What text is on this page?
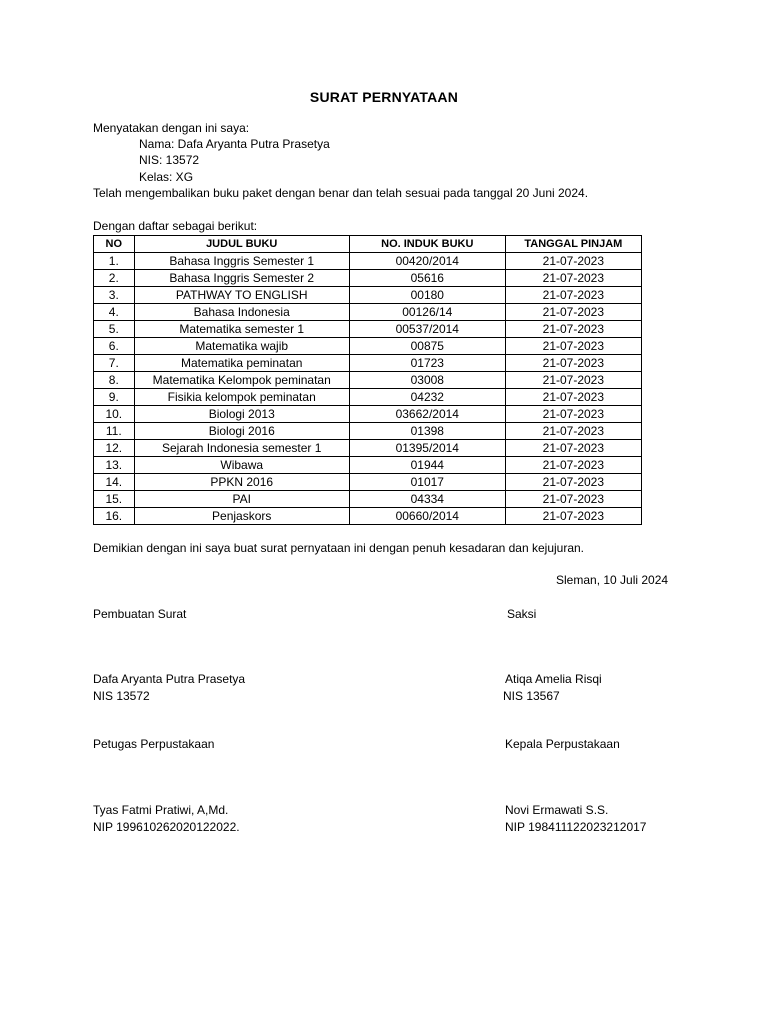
SURAT PERNYATAAN
Menyatakan dengan ini saya:
Nama: Dafa Aryanta Putra Prasetya
NIS: 13572
Kelas: XG
Telah mengembalikan buku paket dengan benar dan telah sesuai pada tanggal 20 Juni 2024.
Dengan daftar sebagai berikut:
NO	JUDUL BUKU	NO. INDUK BUKU	TANGGAL PINJAM
1.	Bahasa Inggris Semester 1	00420/2014	21-07-2023
2.	Bahasa Inggris Semester 2	05616	21-07-2023
3.	PATHWAY TO ENGLISH	00180	21-07-2023
4.	Bahasa Indonesia	00126/14	21-07-2023
5.	Matematika semester 1	00537/2014	21-07-2023
6.	Matematika wajib	00875	21-07-2023
7.	Matematika peminatan	01723	21-07-2023
8.	Matematika Kelompok peminatan	03008	21-07-2023
9.	Fisikia kelompok peminatan	04232	21-07-2023
10.	Biologi 2013	03662/2014	21-07-2023
11.	Biologi 2016	01398	21-07-2023
12.	Sejarah Indonesia semester 1	01395/2014	21-07-2023
13.	Wibawa	01944	21-07-2023
14.	PPKN 2016	01017	21-07-2023
15.	PAI	04334	21-07-2023
16.	Penjaskors	00660/2014	21-07-2023
Demikian dengan ini saya buat surat pernyataan ini dengan penuh kesadaran dan kejujuran.
Sleman, 10 Juli 2024
Pembuatan Surat	Saksi
Dafa Aryanta Putra Prasetya
NIS 13572
Atiqa Amelia Risqi
NIS 13567
Petugas Perpustakaan	Kepala Perpustakaan
Tyas Fatmi Pratiwi, A,Md.
NIP 199610262020122022.
Novi Ermawati S.S.
NIP 198411122023212017
